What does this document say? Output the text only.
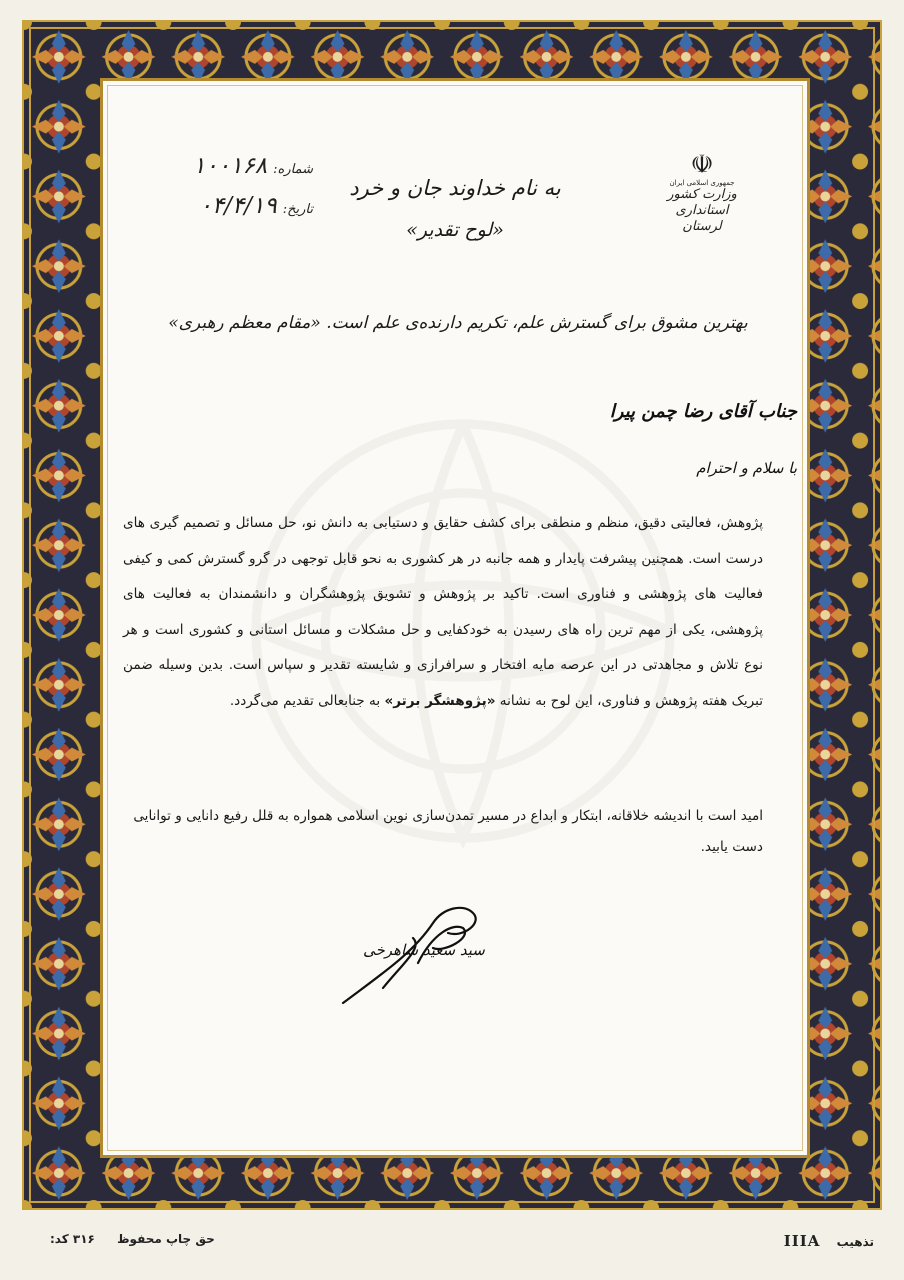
☫
جمهوری اسلامی ایران
وزارت کشور
استانداری لرستان
شماره:
۱۰۰۱۶۸
تاریخ:
۰۴/۴/۱۹
به نام خداوند جان و خرد
«لوح تقدیر»
بهترین مشوق برای گسترش علم، تکریم دارنده‌ی علم است. «مقام معظم رهبری»
جناب آقای رضا چمن پیرا
با سلام و احترام
پژوهش، فعالیتی دقیق، منظم و منطقی برای کشف حقایق و دستیابی به دانش نو، حل مسائل و تصمیم گیری های درست است. همچنین پیشرفت پایدار و همه جانبه در هر کشوری به نحو قابل توجهی در گرو گسترش کمی و کیفی فعالیت های پژوهشی و فناوری است. تاکید بر پژوهش و تشویق پژوهشگران و دانشمندان به فعالیت های پژوهشی، یکی از مهم ترین راه های رسیدن به خودکفایی و حل مشکلات و مسائل استانی و کشوری است و هر نوع تلاش و مجاهدتی در این عرصه مایه افتخار و سرافرازی و شایسته تقدیر و سپاس است. بدین وسیله ضمن تبریک هفته پژوهش و فناوری، این لوح به نشانه «پژوهشگر برتر» به جنابعالی تقدیم می‌گردد.
امید است با اندیشه خلاقانه، ابتکار و ابداع در مسیر تمدن‌سازی نوین اسلامی همواره به قلل رفیع دانایی و توانایی دست یابید.
سید سعید شاهرخی
حق چاپ محفوظ ۳۱۶ کد:	ΙΙΙΑ تذهیب
